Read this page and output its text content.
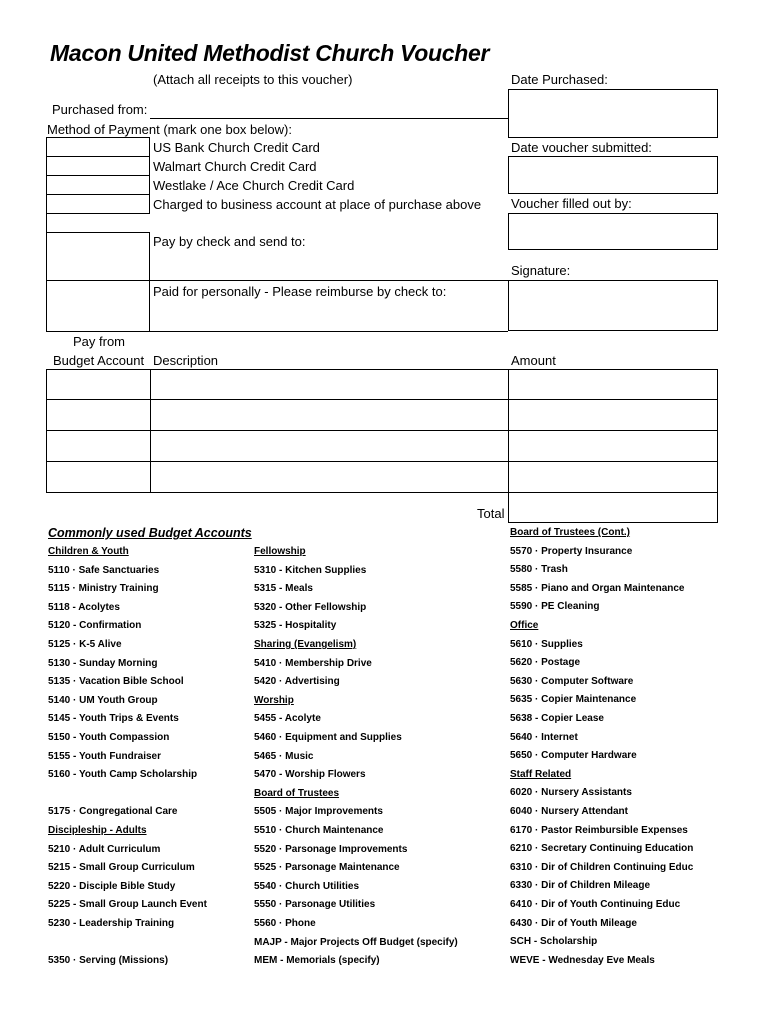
Macon United Methodist Church Voucher
(Attach all receipts to this voucher)	Date Purchased:
Date voucher submitted:
Voucher filled out by:
Signature:
Purchased from:
Method of Payment (mark one box below):
US Bank Church Credit Card
Walmart Church Credit Card
Westlake / Ace Church Credit Card
Charged to business account at place of purchase above
Pay by check and send to:
Paid for personally - Please reimburse by check to:
Pay from
Budget Account Description	Amount
Total
Commonly used Budget Accounts
Children & Youth
5110 · Safe Sanctuaries
5115 · Ministry Training
5118 - Acolytes
5120 - Confirmation
5125 · K-5 Alive
5130 - Sunday Morning
5135 · Vacation Bible School
5140 · UM Youth Group
5145 - Youth Trips & Events
5150 - Youth Compassion
5155 - Youth Fundraiser
5160 - Youth Camp Scholarship
5175 · Congregational Care
Discipleship - Adults
5210 · Adult Curriculum
5215 - Small Group Curriculum
5220 - Disciple Bible Study
5225 - Small Group Launch Event
5230 - Leadership Training
5350 · Serving (Missions)
Fellowship
5310 - Kitchen Supplies
5315 - Meals
5320 - Other Fellowship
5325 - Hospitality
Sharing (Evangelism)
5410 · Membership Drive
5420 · Advertising
Worship
5455 - Acolyte
5460 · Equipment and Supplies
5465 · Music
5470 - Worship Flowers
Board of Trustees
5505 · Major Improvements
5510 · Church Maintenance
5520 · Parsonage Improvements
5525 · Parsonage Maintenance
5540 · Church Utilities
5550 · Parsonage Utilities
5560 · Phone
MAJP - Major Projects Off Budget (specify)
MEM - Memorials (specify)
Board of Trustees (Cont.)
5570 · Property Insurance
5580 · Trash
5585 · Piano and Organ Maintenance
5590 · PE Cleaning
Office
5610 · Supplies
5620 · Postage
5630 · Computer Software
5635 · Copier Maintenance
5638 - Copier Lease
5640 · Internet
5650 · Computer Hardware
Staff Related
6020 · Nursery Assistants
6040 · Nursery Attendant
6170 · Pastor Reimbursible Expenses
6210 · Secretary Continuing Education
6310 · Dir of Children Continuing Educ
6330 · Dir of Children Mileage
6410 · Dir of Youth Continuing Educ
6430 · Dir of Youth Mileage
SCH - Scholarship
WEVE - Wednesday Eve Meals
